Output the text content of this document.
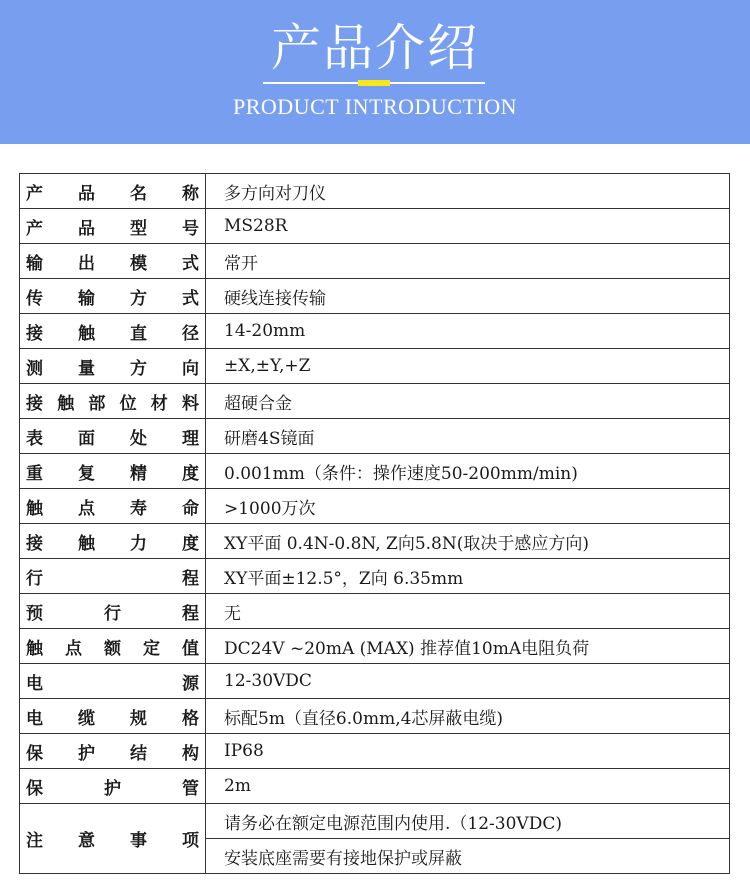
产品介绍
PRODUCT INTRODUCTION
产品名称	多方向对刀仪
产品型号	MS28R
输出模式	常开
传输方式	硬线连接传输
接触直径	14-20mm
测量方向	±X,±Y,+Z
接触部位材料	超硬合金
表面处理	研磨4S镜面
重复精度	0.001mm（条件：操作速度50-200mm/min)
触点寿命	>1000万次
接触力度	XY平面 0.4N-0.8N, Z向5.8N(取决于感应方向)
行程	XY平面±12.5°，Z向 6.35mm
预行程	无
触点额定值	DC24V ~20mA (MAX) 推荐值10mA电阻负荷
电源	12-30VDC
电缆规格	标配5m（直径6.0mm,4芯屏蔽电缆)
保护结构	IP68
保护管	2m
注意事项	请务必在额定电源范围内使用.（12-30VDC)
	安装底座需要有接地保护或屏蔽
